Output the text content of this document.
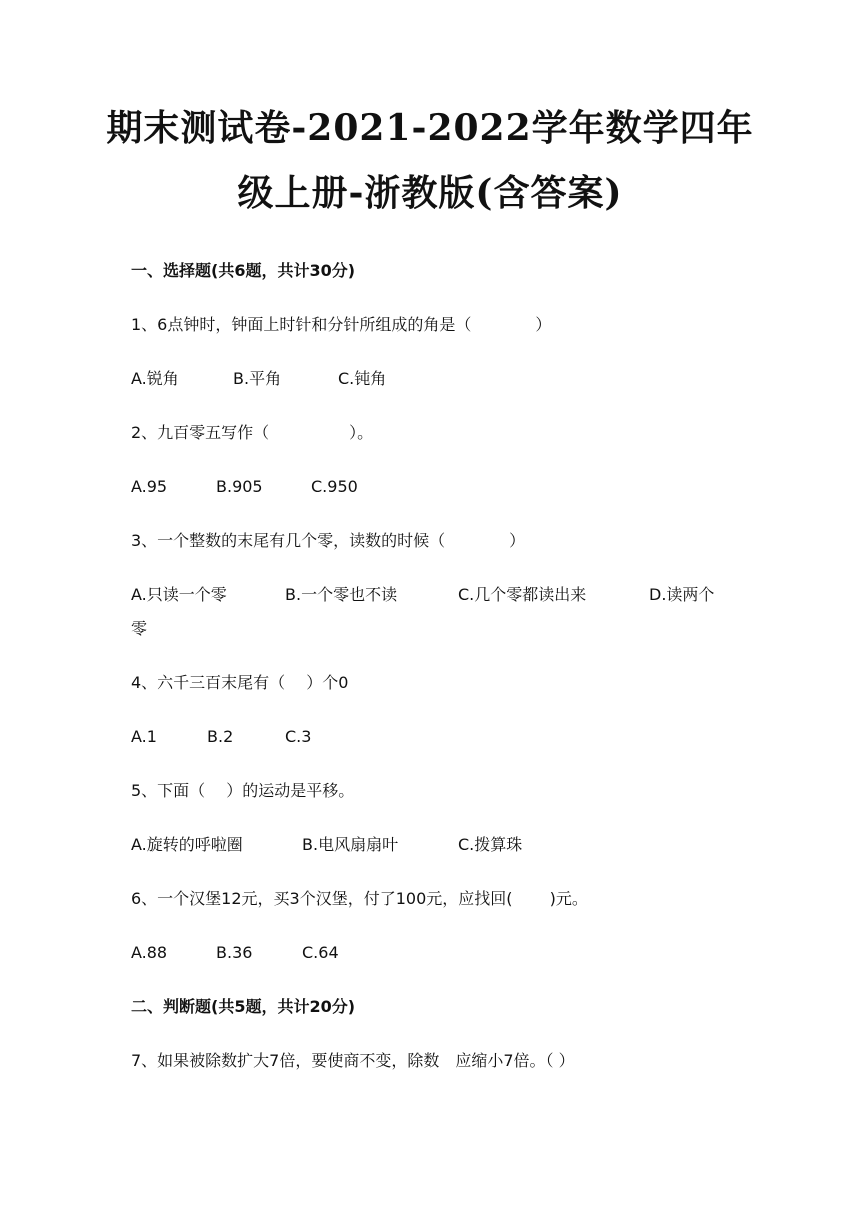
期末测试卷-2021-2022学年数学四年
级上册-浙教版(含答案)
一、选择题(共6题，共计30分)
1、6点钟时，钟面上时针和分针所组成的角是（　　　　）
A.锐角	B.平角	C.钝角
2、九百零五写作（　　　　　）。
A.95	B.905	C.950
3、一个整数的末尾有几个零，读数的时候（　　　　）
A.只读一个零	B.一个零也不读	C.几个零都读出来	D.读两个
零
4、六千三百末尾有（　 ）个0
A.1	B.2	C.3
5、下面（　 ）的运动是平移。
A.旋转的呼啦圈	B.电风扇扇叶	C.拨算珠
6、一个汉堡12元，买3个汉堡，付了100元，应找回(　　 )元。
A.88	B.36	C.64
二、判断题(共5题，共计20分)
7、如果被除数扩大7倍，要使商不变，除数　应缩小7倍。（ ）
